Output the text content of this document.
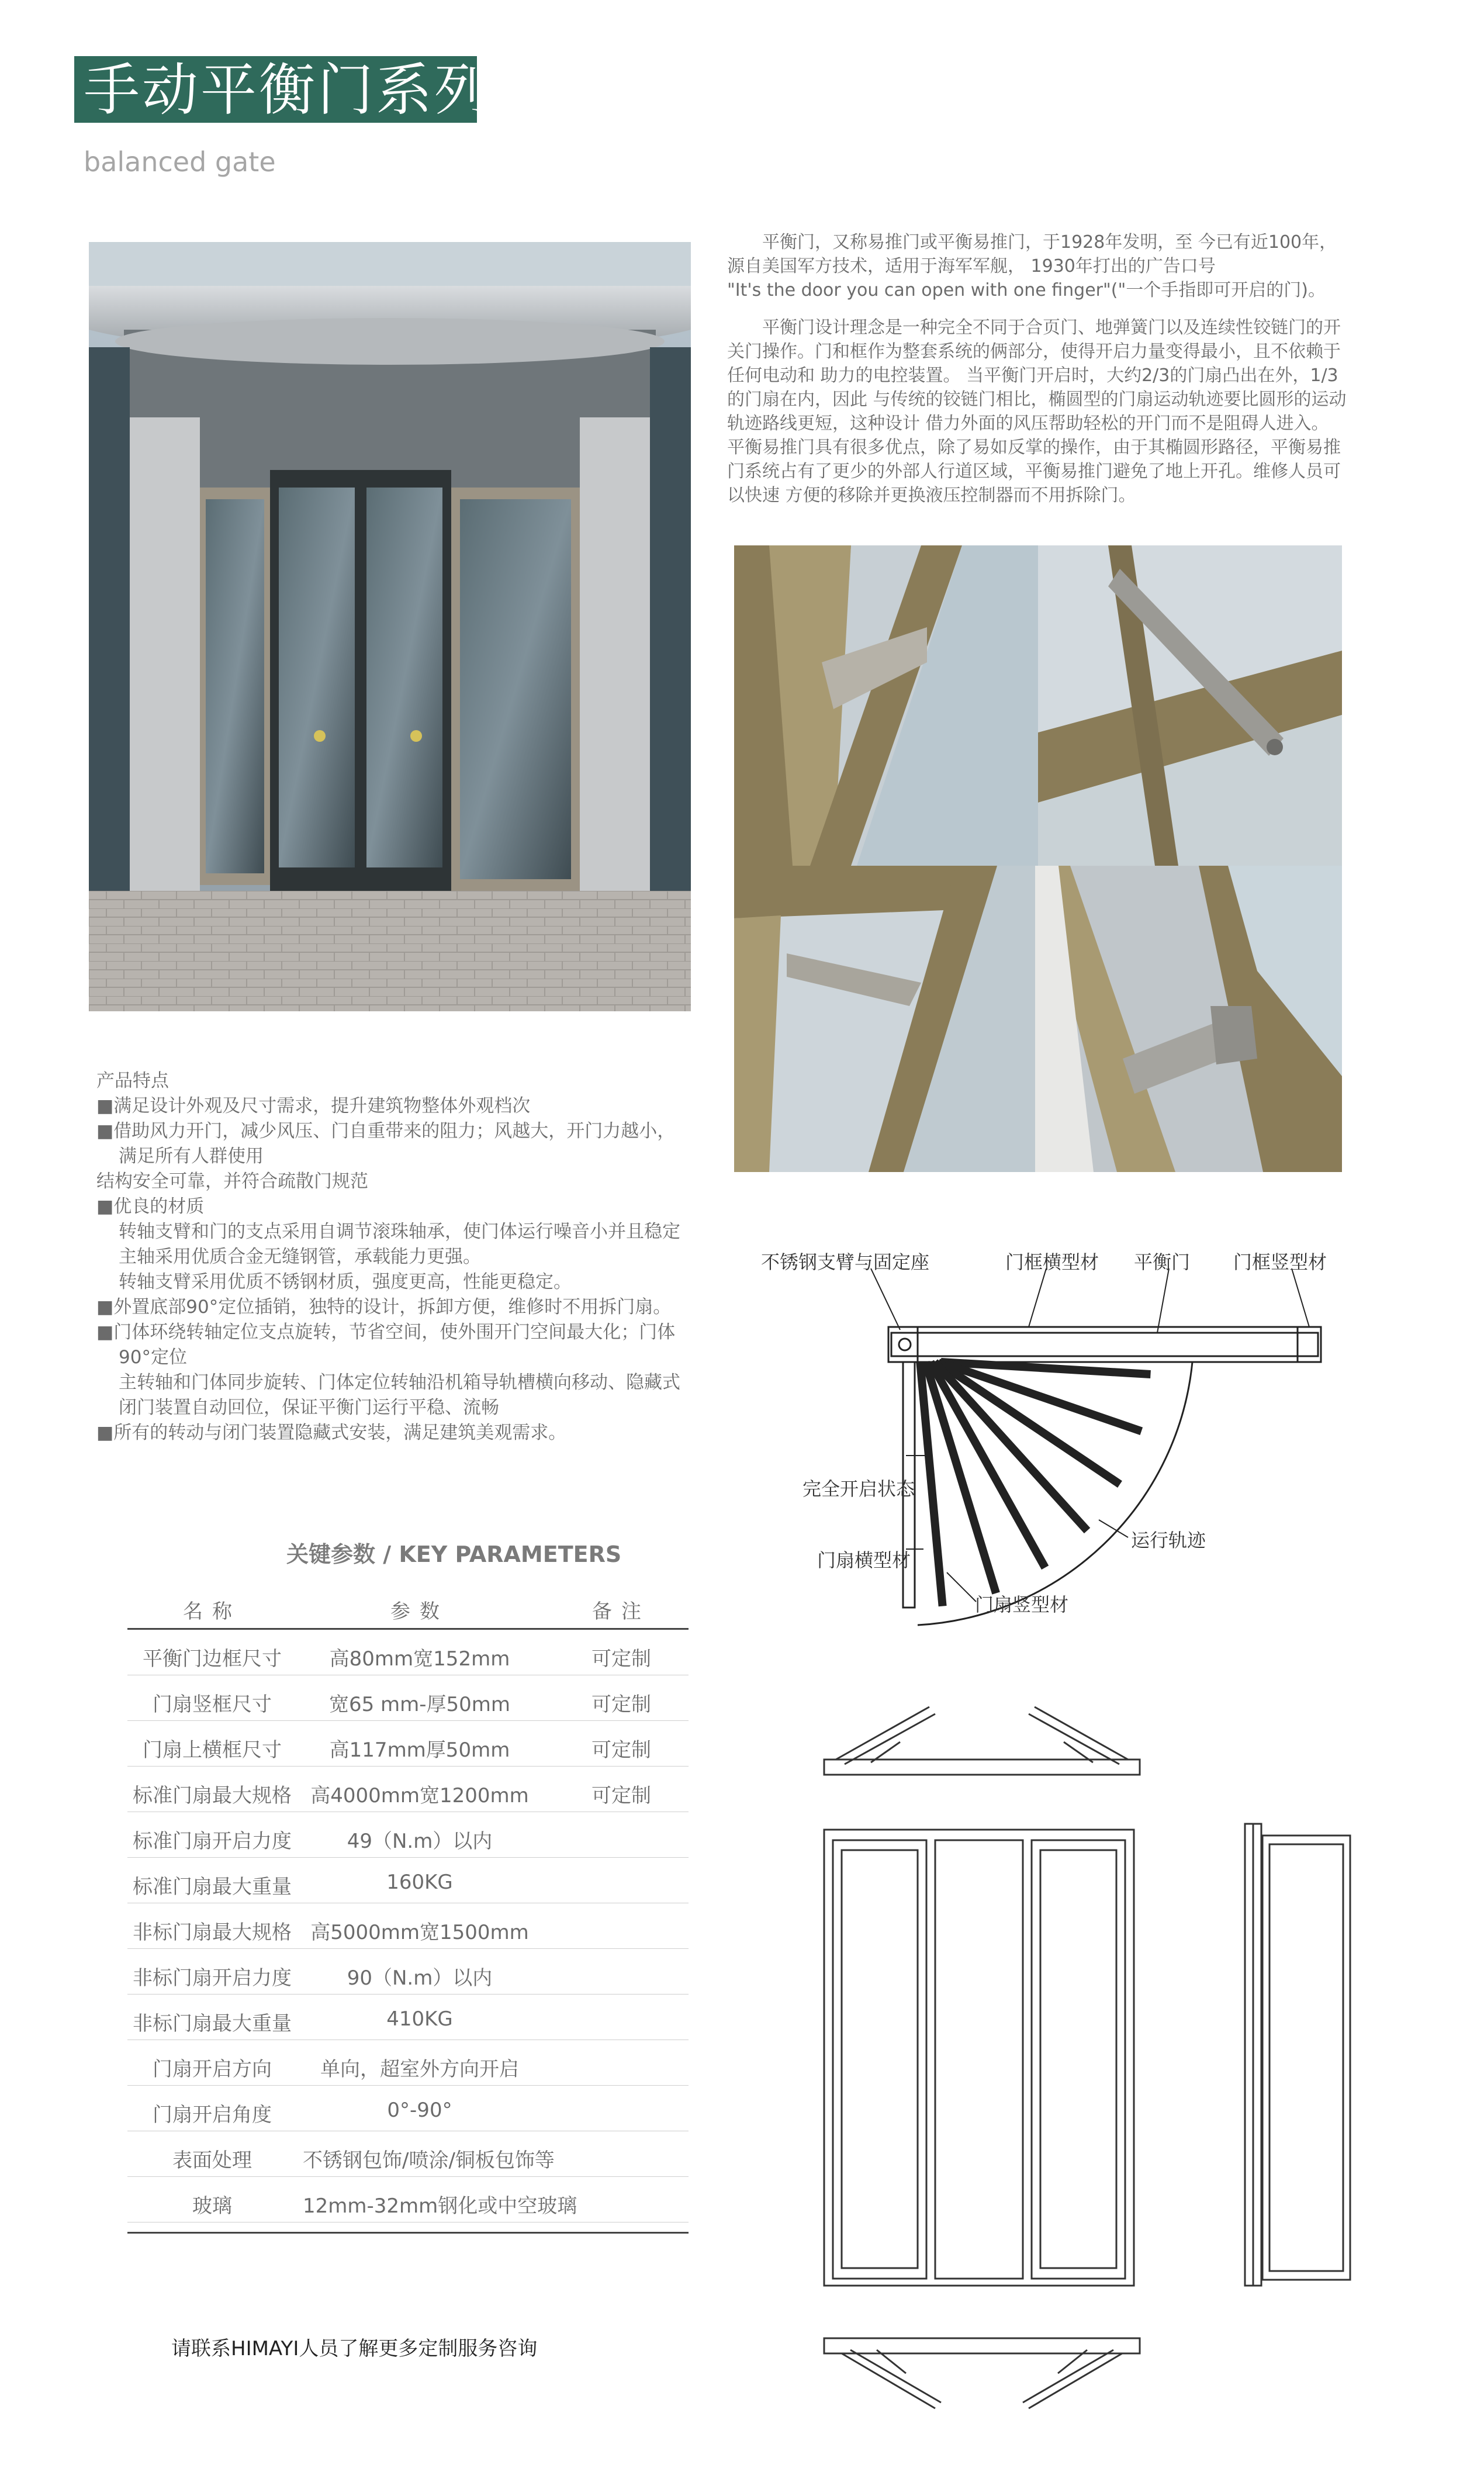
手动平衡门系列
balanced gate
平衡门，又称易推门或平衡易推门，于1928年发明，至 今已有近100年，
源自美国军方技术，适用于海军军舰， 1930年打出的广告口号
"It's the door you can open with one finger"("一个手指即可开启的门)。
平衡门设计理念是一种完全不同于合页门、地弹簧门以及连续性铰链门的开
关门操作。门和框作为整套系统的俩部分，使得开启力量变得最小，且不依赖于
任何电动和 助力的电控装置。 当平衡门开启时，大约2/3的门扇凸出在外，1/3
的门扇在内，因此 与传统的铰链门相比，椭圆型的门扇运动轨迹要比圆形的运动
轨迹路线更短，这种设计 借力外面的风压帮助轻松的开门而不是阻碍人进入。
平衡易推门具有很多优点，除了易如反掌的操作，由于其椭圆形路径，平衡易推
门系统占有了更少的外部人行道区域，平衡易推门避免了地上开孔。维修人员可
以快速 方便的移除并更换液压控制器而不用拆除门。
产品特点
■满足设计外观及尺寸需求，提升建筑物整体外观档次
■借助风力开门，减少风压、门自重带来的阻力；风越大，开门力越小，
满足所有人群使用
结构安全可靠，并符合疏散门规范
■优良的材质
转轴支臂和门的支点采用自调节滚珠轴承，使门体运行噪音小并且稳定
主轴采用优质合金无缝钢管，承载能力更强。
转轴支臂采用优质不锈钢材质，强度更高，性能更稳定。
■外置底部90°定位插销，独特的设计，拆卸方便，维修时不用拆门扇。
■门体环绕转轴定位支点旋转，节省空间，使外围开门空间最大化；门体
90°定位
主转轴和门体同步旋转、门体定位转轴沿机箱导轨槽横向移动、隐藏式
闭门装置自动回位，保证平衡门运行平稳、流畅
■所有的转动与闭门装置隐藏式安装，满足建筑美观需求。
关键参数 / KEY PARAMETERS
名称	参数	备注
平衡门边框尺寸	高80mm宽152mm	可定制
门扇竖框尺寸	宽65 mm-厚50mm	可定制
门扇上横框尺寸	高117mm厚50mm	可定制
标准门扇最大规格 高4000mm宽1200mm	可定制
标准门扇开启力度	49（N.m）以内
标准门扇最大重量	160KG
非标门扇最大规格 高5000mm宽1500mm
非标门扇开启力度	90（N.m）以内
非标门扇最大重量	410KG
门扇开启方向	单向，超室外方向开启
门扇开启角度	0°-90°
表面处理	不锈钢包饰/喷涂/铜板包饰等
玻璃	12mm-32mm钢化或中空玻璃
请联系HIMAYI人员了解更多定制服务咨询
不锈钢支臂与固定座	门框横型材 平衡门 门框竖型材
完全开启状态
门扇横型材
运行轨迹
门扇竖型材
